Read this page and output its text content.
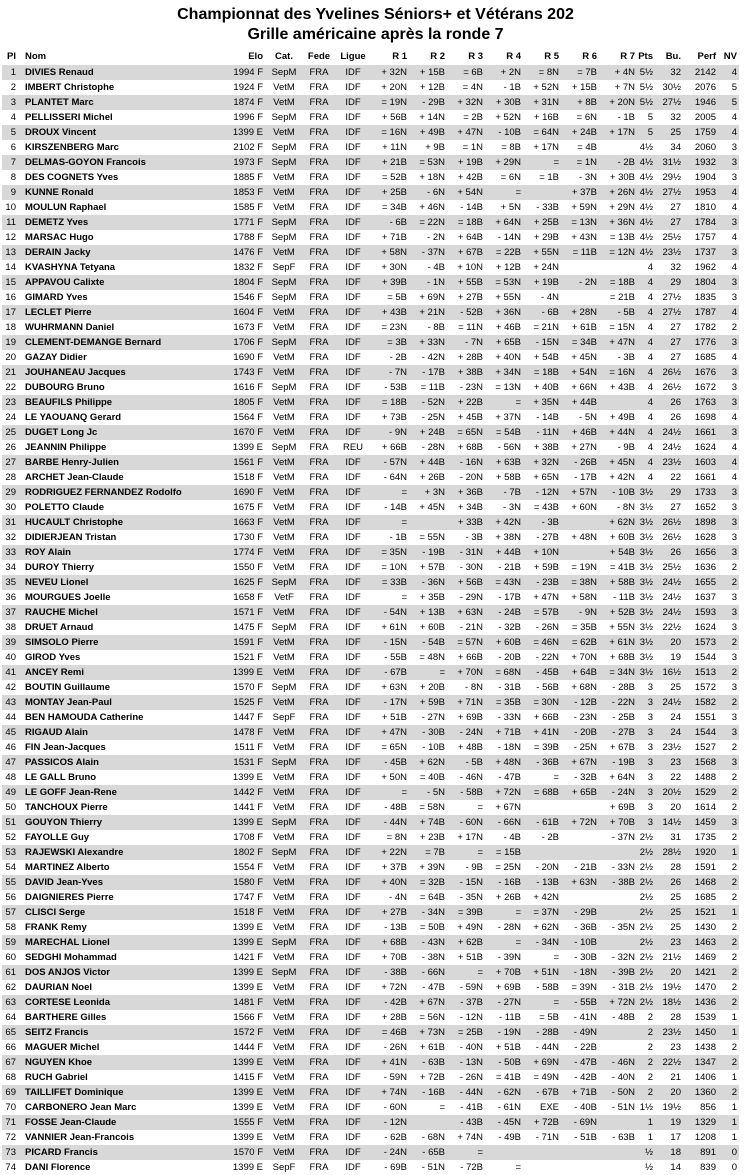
Championnat des Yvelines Séniors+ et Vétérans 202
Grille américaine après la ronde 7
Pl	Nom	Elo	Cat.	Fede	Ligue	R 1	R 2	R 3	R 4	R 5	R 6	R 7	Pts	Bu.	Perf	NV
1	DIVIES Renaud	1994 F	SepM	FRA	IDF	+ 32N	+ 15B	= 6B	+ 2N	= 8N	= 7B	+ 4N	5½	32	2142	4
2	IMBERT Christophe	1924 F	VetM	FRA	IDF	+ 20N	+ 12B	= 4N	- 1B	+ 52N	+ 15B	+ 7N	5½	30½	2076	5
3	PLANTET Marc	1874 F	VetM	FRA	IDF	= 19N	- 29B	+ 32N	+ 30B	+ 31N	+ 8B	+ 20N	5½	27½	1946	5
4	PELLISSERI Michel	1996 F	SepM	FRA	IDF	+ 56B	+ 14N	= 2B	+ 52N	+ 16B	= 6N	- 1B	5	32	2005	4
5	DROUX Vincent	1399 E	VetM	FRA	IDF	= 16N	+ 49B	+ 47N	- 10B	= 64N	+ 24B	+ 17N	5	25	1759	4
6	KIRSZENBERG Marc	2102 F	SepM	FRA	IDF	+ 11N	+ 9B	= 1N	= 8B	+ 17N	= 4B		4½	34	2060	3
7	DELMAS-GOYON Francois	1973 F	SepM	FRA	IDF	+ 21B	= 53N	+ 19B	+ 29N	=	= 1N	- 2B	4½	31½	1932	3
8	DES COGNETS Yves	1885 F	VetM	FRA	IDF	= 52B	+ 18N	+ 42B	= 6N	= 1B	- 3N	+ 30B	4½	29½	1904	3
9	KUNNE Ronald	1853 F	VetM	FRA	IDF	+ 25B	- 6N	+ 54N	=		+ 37B	+ 26N	4½	27½	1953	4
10	MOULUN Raphael	1585 F	VetM	FRA	IDF	= 34B	+ 46N	- 14B	+ 5N	- 33B	+ 59N	+ 29N	4½	27	1810	4
11	DEMETZ Yves	1771 F	SepM	FRA	IDF	- 6B	= 22N	= 18B	+ 64N	+ 25B	= 13N	+ 36N	4½	27	1784	3
12	MARSAC Hugo	1788 F	SepM	FRA	IDF	+ 71B	- 2N	+ 64B	- 14N	+ 29B	+ 43N	= 13B	4½	25½	1757	4
13	DERAIN Jacky	1476 F	VetM	FRA	IDF	+ 58N	- 37N	+ 67B	= 22B	+ 55N	= 11B	= 12N	4½	23½	1737	3
14	KVASHYNA Tetyana	1832 F	SepF	FRA	IDF	+ 30N	- 4B	+ 10N	+ 12B	+ 24N			4	32	1962	4
15	APPAVOU Calixte	1804 F	SepM	FRA	IDF	+ 39B	- 1N	+ 55B	= 53N	+ 19B	- 2N	= 18B	4	29	1804	3
16	GIMARD Yves	1546 F	SepM	FRA	IDF	= 5B	+ 69N	+ 27B	+ 55N	- 4N		= 21B	4	27½	1835	3
17	LECLET Pierre	1604 F	VetM	FRA	IDF	+ 43B	+ 21N	- 52B	+ 36N	- 6B	+ 28N	- 5B	4	27½	1787	4
18	WUHRMANN Daniel	1673 F	VetM	FRA	IDF	= 23N	- 8B	= 11N	+ 46B	= 21N	+ 61B	= 15N	4	27	1782	2
19	CLEMENT-DEMANGE Bernard	1706 F	SepM	FRA	IDF	= 3B	+ 33N	- 7N	+ 65B	- 15N	= 34B	+ 47N	4	27	1776	3
20	GAZAY Didier	1690 F	VetM	FRA	IDF	- 2B	- 42N	+ 28B	+ 40N	+ 54B	+ 45N	- 3B	4	27	1685	4
21	JOUHANEAU Jacques	1743 F	VetM	FRA	IDF	- 7N	- 17B	+ 38B	+ 34N	= 18B	+ 54N	= 16N	4	26½	1676	3
22	DUBOURG Bruno	1616 F	SepM	FRA	IDF	- 53B	= 11B	- 23N	= 13N	+ 40B	+ 66N	+ 43B	4	26½	1672	3
23	BEAUFILS Philippe	1805 F	VetM	FRA	IDF	= 18B	- 52N	+ 22B	=	+ 35N	+ 44B		4	26	1763	3
24	LE YAOUANQ Gerard	1564 F	VetM	FRA	IDF	+ 73B	- 25N	+ 45B	+ 37N	- 14B	- 5N	+ 49B	4	26	1698	4
25	DUGET Long Jc	1670 F	VetM	FRA	IDF	- 9N	+ 24B	= 65N	= 54B	- 11N	+ 46B	+ 44N	4	24½	1661	3
26	JEANNIN Philippe	1399 E	SepM	FRA	REU	+ 66B	- 28N	+ 68B	- 56N	+ 38B	+ 27N	- 9B	4	24½	1624	4
27	BARBE Henry-Julien	1561 F	VetM	FRA	IDF	- 57N	+ 44B	- 16N	+ 63B	+ 32N	- 26B	+ 45N	4	23½	1603	4
28	ARCHET Jean-Claude	1518 F	VetM	FRA	IDF	- 64N	+ 26B	- 20N	+ 58B	+ 65N	- 17B	+ 42N	4	22	1661	4
29	RODRIGUEZ FERNANDEZ Rodolfo	1690 F	VetM	FRA	IDF	=	+ 3N	+ 36B	- 7B	- 12N	+ 57N	- 10B	3½	29	1733	3
30	POLETTO Claude	1675 F	VetM	FRA	IDF	- 14B	+ 45N	+ 34B	- 3N	= 43B	+ 60N	- 8N	3½	27	1652	3
31	HUCAULT Christophe	1663 F	VetM	FRA	IDF	=		+ 33B	+ 42N	- 3B		+ 62N	3½	26½	1898	3
32	DIDIERJEAN Tristan	1730 F	VetM	FRA	IDF	- 1B	= 55N	- 3B	+ 38N	- 27B	+ 48N	+ 60B	3½	26½	1628	3
33	ROY Alain	1774 F	VetM	FRA	IDF	= 35N	- 19B	- 31N	+ 44B	+ 10N		+ 54B	3½	26	1656	3
34	DUROY Thierry	1550 F	VetM	FRA	IDF	= 10N	+ 57B	- 30N	- 21B	+ 59B	= 19N	= 41B	3½	25½	1636	2
35	NEVEU Lionel	1625 F	SepM	FRA	IDF	= 33B	- 36N	+ 56B	= 43N	- 23B	= 38N	+ 58B	3½	24½	1655	2
36	MOURGUES Joelle	1658 F	VetF	FRA	IDF	=	+ 35B	- 29N	- 17B	+ 47N	+ 58N	- 11B	3½	24½	1637	3
37	RAUCHE Michel	1571 F	VetM	FRA	IDF	- 54N	+ 13B	+ 63N	- 24B	= 57B	- 9N	+ 52B	3½	24½	1593	3
38	DRUET Arnaud	1475 F	SepM	FRA	IDF	+ 61N	+ 60B	- 21N	- 32B	- 26N	= 35B	+ 55N	3½	22½	1624	3
39	SIMSOLO Pierre	1591 F	VetM	FRA	IDF	- 15N	- 54B	= 57N	+ 60B	= 46N	= 62B	+ 61N	3½	20	1573	2
40	GIROD Yves	1521 F	VetM	FRA	IDF	- 55B	= 48N	+ 66B	- 20B	- 22N	+ 70N	+ 68B	3½	19	1544	3
41	ANCEY Remi	1399 E	VetM	FRA	IDF	- 67B	=	+ 70N	= 68N	- 45B	+ 64B	= 34N	3½	16½	1513	2
42	BOUTIN Guillaume	1570 F	SepM	FRA	IDF	+ 63N	+ 20B	- 8N	- 31B	- 56B	+ 68N	- 28B	3	25	1572	3
43	MONTAY Jean-Paul	1525 F	VetM	FRA	IDF	- 17N	+ 59B	+ 71N	= 35B	= 30N	- 12B	- 22N	3	24½	1582	2
44	BEN HAMOUDA Catherine	1447 F	SepF	FRA	IDF	+ 51B	- 27N	+ 69B	- 33N	+ 66B	- 23N	- 25B	3	24	1551	3
45	RIGAUD Alain	1478 F	VetM	FRA	IDF	+ 47N	- 30B	- 24N	+ 71B	+ 41N	- 20B	- 27B	3	24	1544	3
46	FIN Jean-Jacques	1511 F	VetM	FRA	IDF	= 65N	- 10B	+ 48B	- 18N	= 39B	- 25N	+ 67B	3	23½	1527	2
47	PASSICOS Alain	1531 F	SepM	FRA	IDF	- 45B	+ 62N	- 5B	+ 48N	- 36B	+ 67N	- 19B	3	23	1568	3
48	LE GALL Bruno	1399 E	VetM	FRA	IDF	+ 50N	= 40B	- 46N	- 47B	=	- 32B	+ 64N	3	22	1488	2
49	LE GOFF Jean-Rene	1442 F	VetM	FRA	IDF	=	- 5N	- 58B	+ 72N	= 68B	+ 65B	- 24N	3	20½	1529	2
50	TANCHOUX Pierre	1441 F	VetM	FRA	IDF	- 48B	= 58N	=	+ 67N			+ 69B	3	20	1614	2
51	GOUYON Thierry	1399 E	SepM	FRA	IDF	- 44N	+ 74B	- 60N	- 66N	- 61B	+ 72N	+ 70B	3	14½	1459	3
52	FAYOLLE Guy	1708 F	VetM	FRA	IDF	= 8N	+ 23B	+ 17N	- 4B	- 2B		- 37N	2½	31	1735	2
53	RAJEWSKI Alexandre	1802 F	SepM	FRA	IDF	+ 22N	= 7B	=	= 15B				2½	28½	1920	1
54	MARTINEZ Alberto	1554 F	VetM	FRA	IDF	+ 37B	+ 39N	- 9B	= 25N	- 20N	- 21B	- 33N	2½	28	1591	2
55	DAVID Jean-Yves	1580 F	VetM	FRA	IDF	+ 40N	= 32B	- 15N	- 16B	- 13B	+ 63N	- 38B	2½	26	1468	2
56	DAIGNIERES Pierre	1747 F	VetM	FRA	IDF	- 4N	= 64B	- 35N	+ 26B	+ 42N			2½	25	1685	2
57	CLISCI Serge	1518 F	VetM	FRA	IDF	+ 27B	- 34N	= 39B	=	= 37N	- 29B		2½	25	1521	1
58	FRANK Remy	1399 E	VetM	FRA	IDF	- 13B	= 50B	+ 49N	- 28N	+ 62N	- 36B	- 35N	2½	25	1430	2
59	MARECHAL Lionel	1399 E	SepM	FRA	IDF	+ 68B	- 43N	+ 62B	=	- 34N	- 10B		2½	23	1463	2
60	SEDGHI Mohammad	1421 F	VetM	FRA	IDF	+ 70B	- 38N	+ 51B	- 39N	=	- 30B	- 32N	2½	21½	1469	2
61	DOS ANJOS Victor	1399 E	SepM	FRA	IDF	- 38B	- 66N	=	+ 70B	+ 51N	- 18N	- 39B	2½	20	1421	2
62	DAURIAN Noel	1399 E	VetM	FRA	IDF	+ 72N	- 47B	- 59N	+ 69B	- 58B	= 39N	- 31B	2½	19½	1470	2
63	CORTESE Leonida	1481 F	VetM	FRA	IDF	- 42B	+ 67N	- 37B	- 27N	=	- 55B	+ 72N	2½	18½	1436	2
64	BARTHERE Gilles	1566 F	VetM	FRA	IDF	+ 28B	= 56N	- 12N	- 11B	= 5B	- 41N	- 48B	2	28	1539	1
65	SEITZ Francis	1572 F	VetM	FRA	IDF	= 46B	+ 73N	= 25B	- 19N	- 28B	- 49N		2	23½	1450	1
66	MAGUER Michel	1444 F	VetM	FRA	IDF	- 26N	+ 61B	- 40N	+ 51B	- 44N	- 22B		2	23	1438	2
67	NGUYEN Khoe	1399 E	VetM	FRA	IDF	+ 41N	- 63B	- 13N	- 50B	+ 69N	- 47B	- 46N	2	22½	1347	2
68	RUCH Gabriel	1415 F	VetM	FRA	IDF	- 59N	+ 72B	- 26N	= 41B	= 49N	- 42B	- 40N	2	21	1406	1
69	TAILLIFET Dominique	1399 E	VetM	FRA	IDF	+ 74N	- 16B	- 44N	- 62N	- 67B	+ 71B	- 50N	2	20	1360	2
70	CARBONERO Jean Marc	1399 E	VetM	FRA	IDF	- 60N	=	- 41B	- 61N	EXE	- 40B	- 51N	1½	19½	856	1
71	FOSSE Jean-Claude	1555 F	VetM	FRA	IDF	- 12N		- 43B	- 45N	+ 72B	- 69N		1	19	1329	1
72	VANNIER Jean-Francois	1399 E	VetM	FRA	IDF	- 62B	- 68N	+ 74N	- 49B	- 71N	- 51B	- 63B	1	17	1208	1
73	PICARD Francis	1570 F	VetM	FRA	IDF	- 24N	- 65B	=					½	18	891	0
74	DANI Florence	1399 E	SepF	FRA	IDF	- 69B	- 51N	- 72B	=				½	14	839	0
